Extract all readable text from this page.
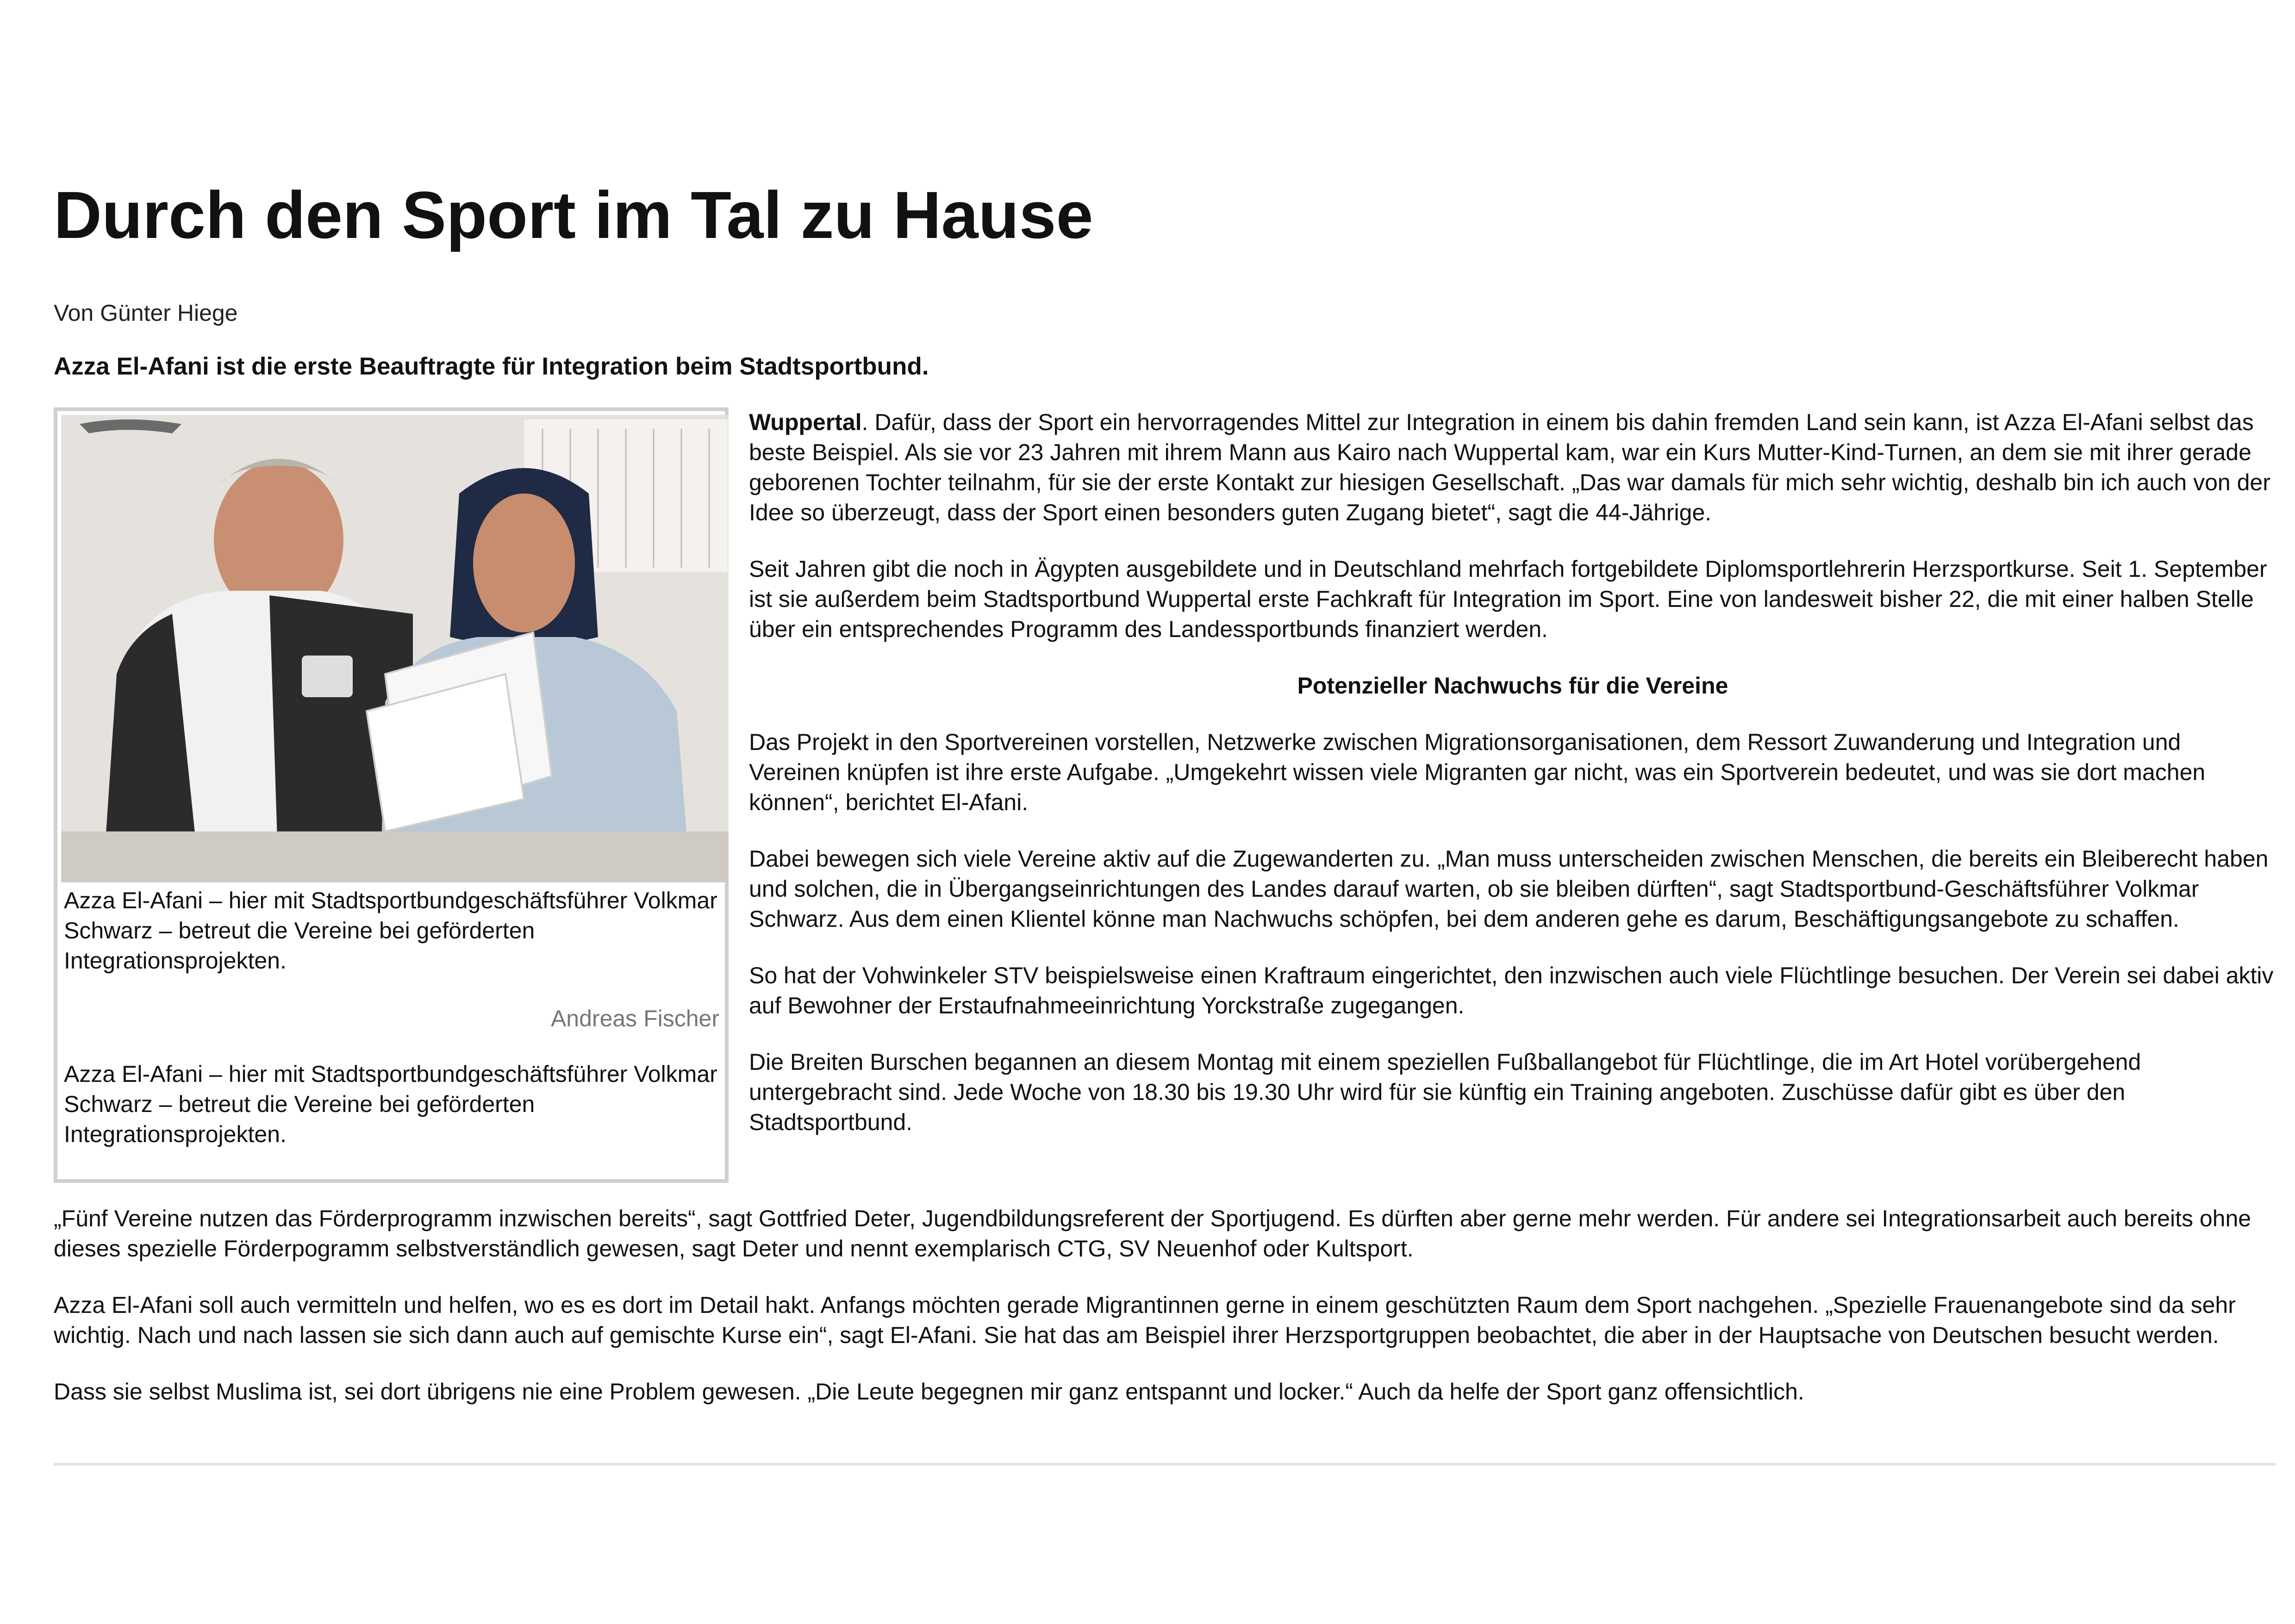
Durch den Sport im Tal zu Hause
Von Günter Hiege
Azza El-Afani ist die erste Beauftragte für Integration beim Stadtsportbund.
Azza El-Afani – hier mit Stadtsportbundgeschäftsführer Volkmar Schwarz – betreut die Vereine bei geförderten Integrationsprojekten.
Andreas Fischer
Azza El-Afani – hier mit Stadtsportbundgeschäftsführer Volkmar Schwarz – betreut die Vereine bei geförderten Integrationsprojekten.

Wuppertal. Dafür, dass der Sport ein hervorragendes Mittel zur Integration in einem bis dahin fremden Land sein kann, ist Azza El-Afani selbst das beste Beispiel. Als sie vor 23 Jahren mit ihrem Mann aus Kairo nach Wuppertal kam, war ein Kurs Mutter-Kind-Turnen, an dem sie mit ihrer gerade geborenen Tochter teilnahm, für sie der erste Kontakt zur hiesigen Gesellschaft. „Das war damals für mich sehr wichtig, deshalb bin ich auch von der Idee so überzeugt, dass der Sport einen besonders guten Zugang bietet“, sagt die 44-Jährige.

Seit Jahren gibt die noch in Ägypten ausgebildete und in Deutschland mehrfach fortgebildete Diplomsportlehrerin Herzsportkurse. Seit 1. September ist sie außerdem beim Stadtsportbund Wuppertal erste Fachkraft für Integration im Sport. Eine von landesweit bisher 22, die mit einer halben Stelle über ein entsprechendes Programm des Landessportbunds finanziert werden.

Potenzieller Nachwuchs für die Vereine

Das Projekt in den Sportvereinen vorstellen, Netzwerke zwischen Migrationsorganisationen, dem Ressort Zuwanderung und Integration und Vereinen knüpfen ist ihre erste Aufgabe. „Umgekehrt wissen viele Migranten gar nicht, was ein Sportverein bedeutet, und was sie dort machen können“, berichtet El-Afani.

Dabei bewegen sich viele Vereine aktiv auf die Zugewanderten zu. „Man muss unterscheiden zwischen Menschen, die bereits ein Bleiberecht haben und solchen, die in Übergangseinrichtungen des Landes darauf warten, ob sie bleiben dürften“, sagt Stadtsportbund-Geschäftsführer Volkmar Schwarz. Aus dem einen Klientel könne man Nachwuchs schöpfen, bei dem anderen gehe es darum, Beschäftigungsangebote zu schaffen.

So hat der Vohwinkeler STV beispielsweise einen Kraftraum eingerichtet, den inzwischen auch viele Flüchtlinge besuchen. Der Verein sei dabei aktiv auf Bewohner der Erstaufnahmeeinrichtung Yorckstraße zugegangen.

Die Breiten Burschen begannen an diesem Montag mit einem speziellen Fußballangebot für Flüchtlinge, die im Art Hotel vorübergehend untergebracht sind. Jede Woche von 18.30 bis 19.30 Uhr wird für sie künftig ein Training angeboten. Zuschüsse dafür gibt es über den Stadtsportbund.

„Fünf Vereine nutzen das Förderprogramm inzwischen bereits“, sagt Gottfried Deter, Jugendbildungsreferent der Sportjugend. Es dürften aber gerne mehr werden. Für andere sei Integrationsarbeit auch bereits ohne dieses spezielle Förderpogramm selbstverständlich gewesen, sagt Deter und nennt exemplarisch CTG, SV Neuenhof oder Kultsport.

Azza El-Afani soll auch vermitteln und helfen, wo es es dort im Detail hakt. Anfangs möchten gerade Migrantinnen gerne in einem geschützten Raum dem Sport nachgehen. „Spezielle Frauenangebote sind da sehr wichtig. Nach und nach lassen sie sich dann auch auf gemischte Kurse ein“, sagt El-Afani. Sie hat das am Beispiel ihrer Herzsportgruppen beobachtet, die aber in der Hauptsache von Deutschen besucht werden.

Dass sie selbst Muslima ist, sei dort übrigens nie eine Problem gewesen. „Die Leute begegnen mir ganz entspannt und locker.“ Auch da helfe der Sport ganz offensichtlich.
